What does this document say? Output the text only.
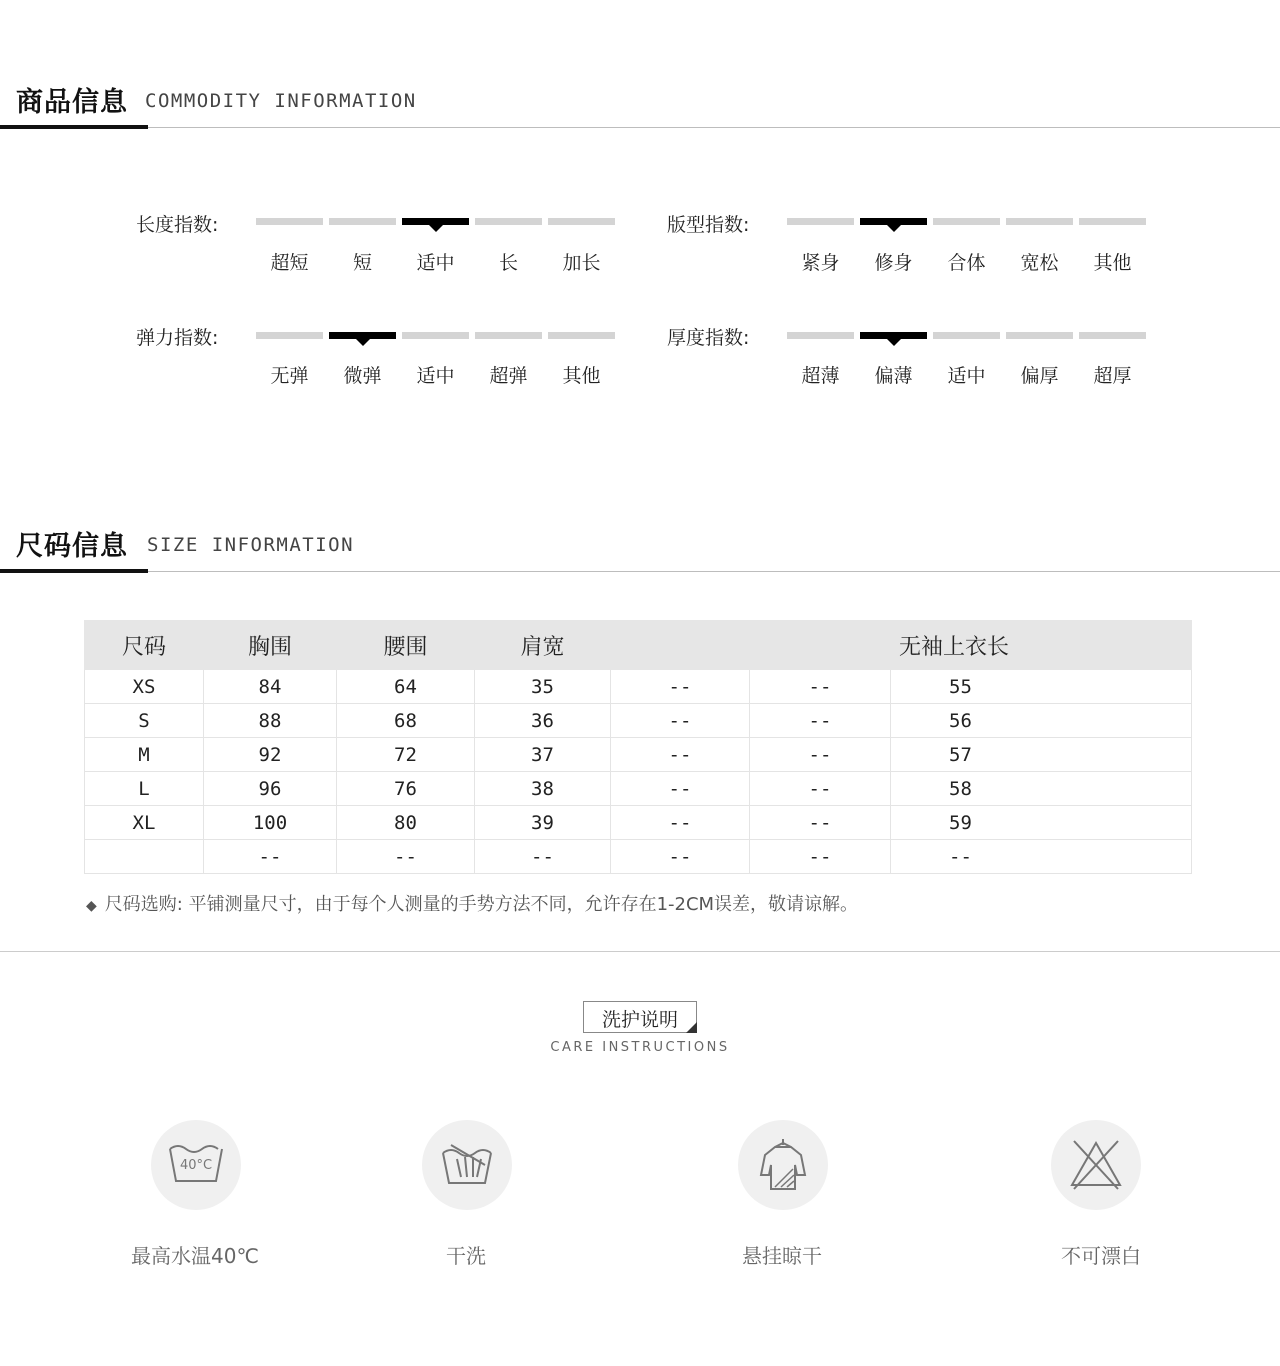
商品信息 COMMODITY INFORMATION
长度指数:
超短	短	适中	长	加长
版型指数:
紧身	修身	合体	宽松	其他
弹力指数:
无弹	微弹	适中	超弹	其他
厚度指数:
超薄	偏薄	适中	偏厚	超厚
尺码信息 SIZE INFORMATION
尺码	胸围	腰围	肩宽			无袖上衣长
XS	84	64	35	--	--	55
S	88	68	36	--	--	56
M	92	72	37	--	--	57
L	96	76	38	--	--	58
XL	100	80	39	--	--	59
	--	--	--	--	--	--
◆ 尺码选购: 平铺测量尺寸，由于每个人测量的手势方法不同，允许存在1-2CM误差，敬请谅解。
洗护说明
CARE INSTRUCTIONS
40°C
最高水温40℃	干洗	悬挂晾干	不可漂白
